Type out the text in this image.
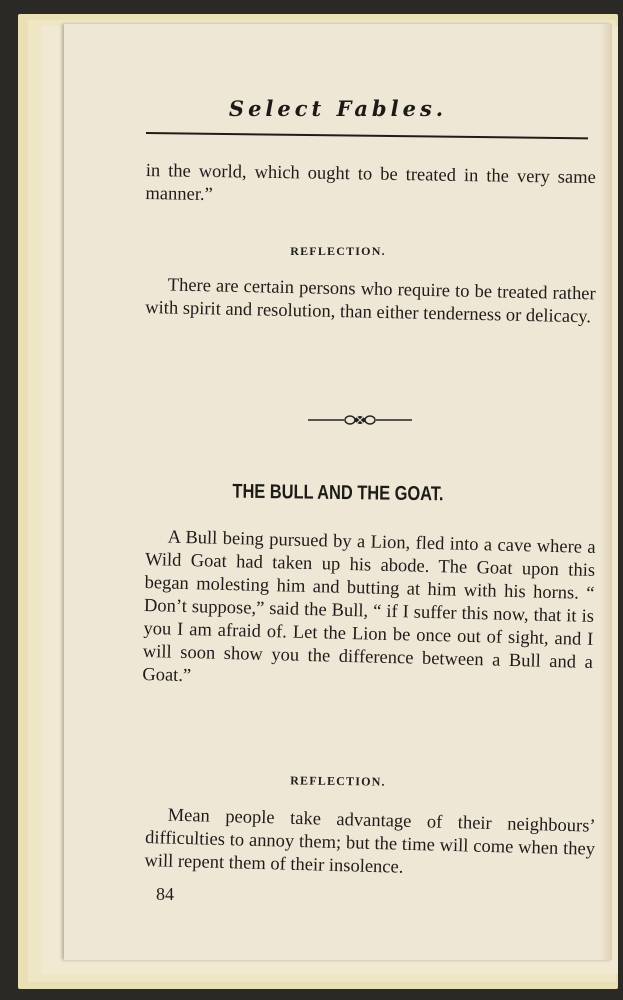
Select Fables.

in the world, which ought to be treated in the very same manner.”

REFLECTION.

There are certain persons who require to be treated rather with spirit and resolution, than either tenderness or delicacy.

THE BULL AND THE GOAT.

A Bull being pursued by a Lion, fled into a cave where a Wild Goat had taken up his abode. The Goat upon this began molesting him and butting at him with his horns. “ Don’t suppose,” said the Bull, “ if I suffer this now, that it is you I am afraid of. Let the Lion be once out of sight, and I will soon show you the difference between a Bull and a Goat.”

REFLECTION.

Mean people take advantage of their neighbours’ difficulties to annoy them; but the time will come when they will repent them of their insolence.

84
